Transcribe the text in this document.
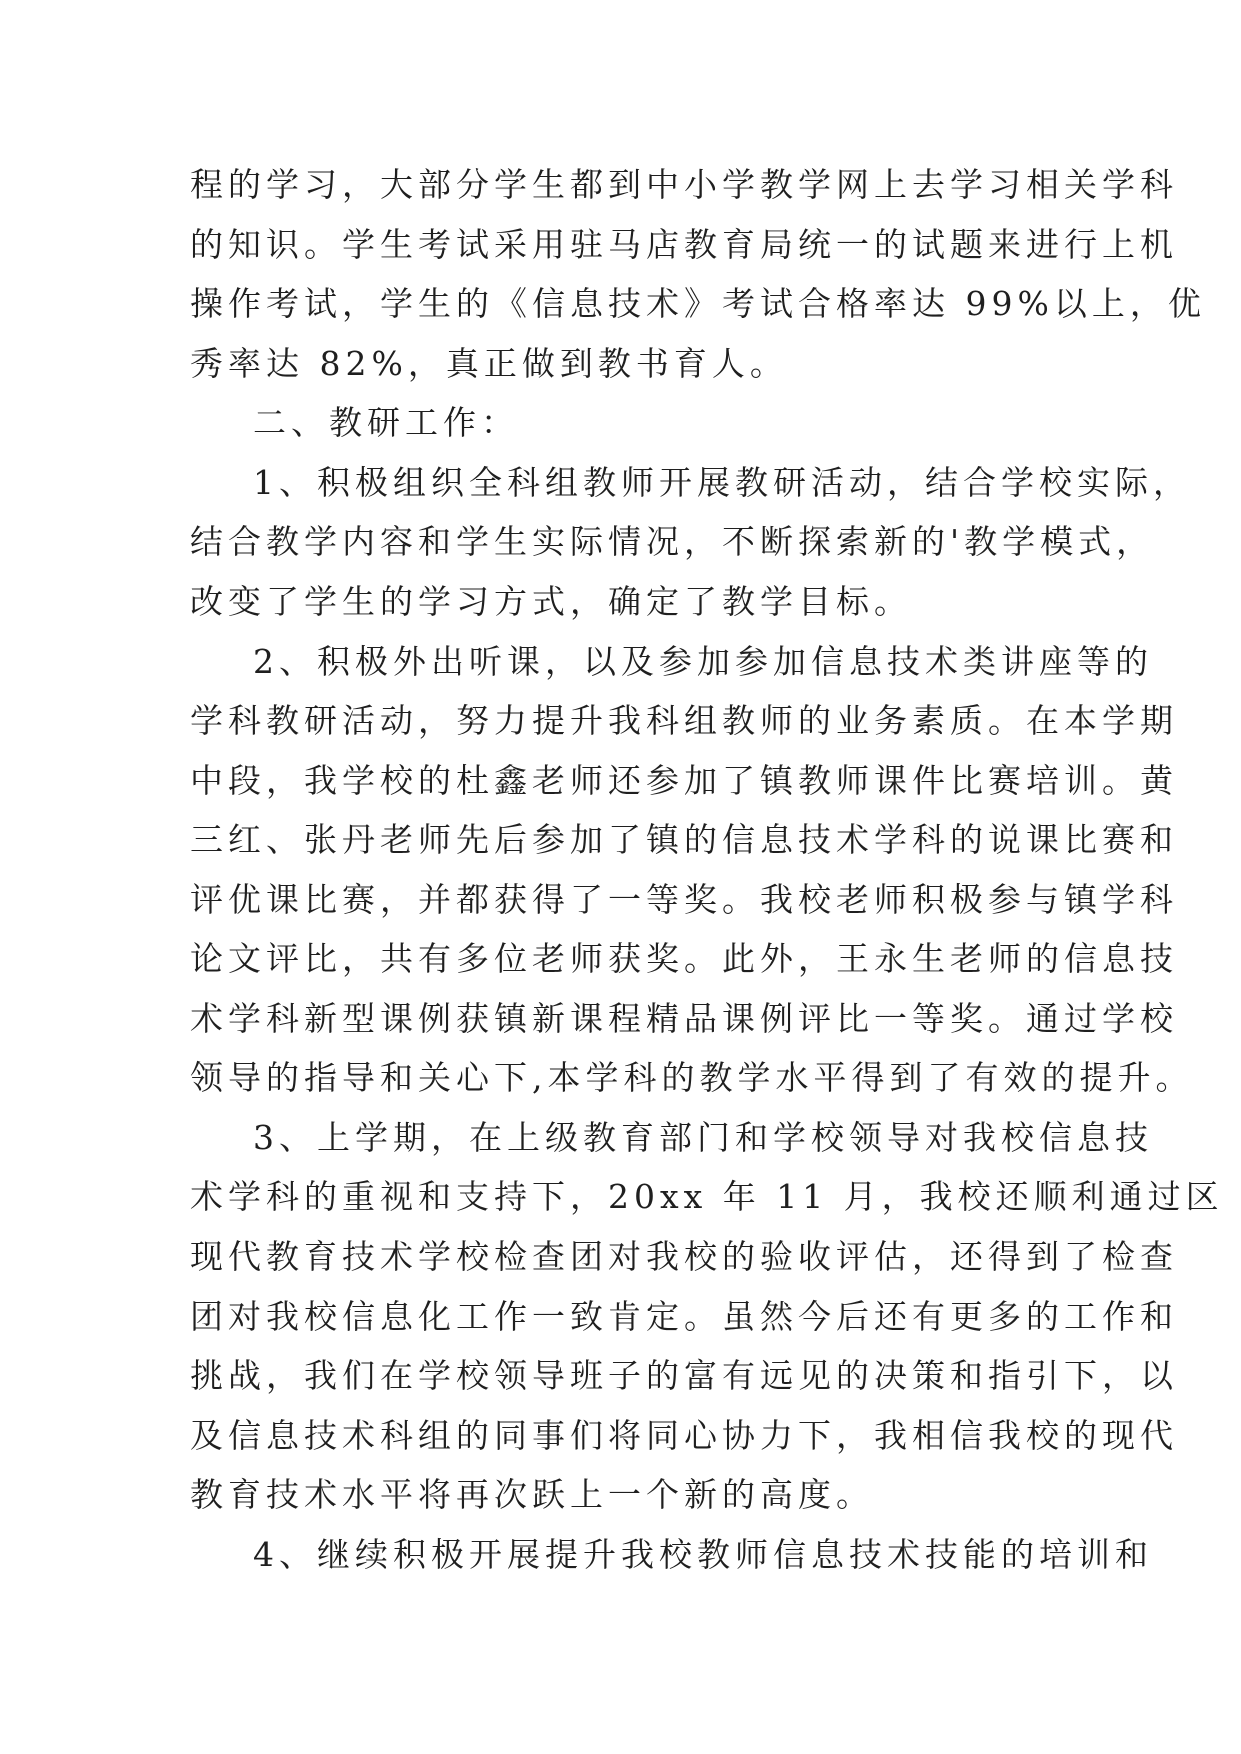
程的学习，大部分学生都到中小学教学网上去学习相关学科

的知识。学生考试采用驻马店教育局统一的试题来进行上机

操作考试，学生的《信息技术》考试合格率达 99%以上，优

秀率达 82%，真正做到教书育人。

二、教研工作：

1、积极组织全科组教师开展教研活动，结合学校实际，

结合教学内容和学生实际情况，不断探索新的'教学模式，

改变了学生的学习方式，确定了教学目标。

2、积极外出听课，以及参加参加信息技术类讲座等的

学科教研活动，努力提升我科组教师的业务素质。在本学期

中段，我学校的杜鑫老师还参加了镇教师课件比赛培训。黄

三红、张丹老师先后参加了镇的信息技术学科的说课比赛和

评优课比赛，并都获得了一等奖。我校老师积极参与镇学科

论文评比，共有多位老师获奖。此外，王永生老师的信息技

术学科新型课例获镇新课程精品课例评比一等奖。通过学校

领导的指导和关心下,本学科的教学水平得到了有效的提升。

3、上学期，在上级教育部门和学校领导对我校信息技

术学科的重视和支持下，20xx 年 11 月，我校还顺利通过区

现代教育技术学校检查团对我校的验收评估，还得到了检查

团对我校信息化工作一致肯定。虽然今后还有更多的工作和

挑战，我们在学校领导班子的富有远见的决策和指引下，以

及信息技术科组的同事们将同心协力下，我相信我校的现代

教育技术水平将再次跃上一个新的高度。

4、继续积极开展提升我校教师信息技术技能的培训和
